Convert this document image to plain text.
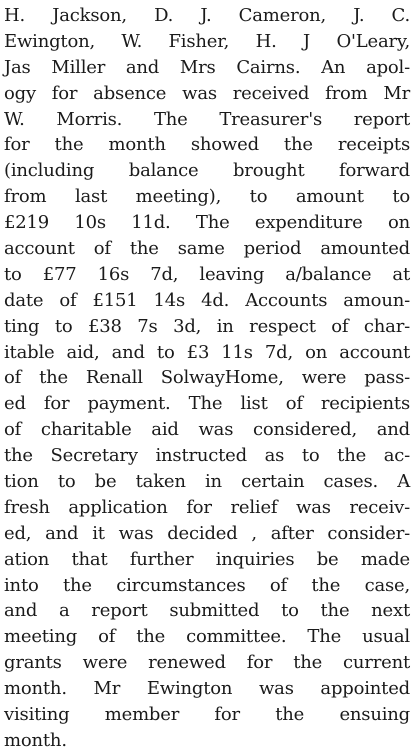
H. Jackson, D. J. Cameron, J. C.
Ewington, W. Fisher, H. J O'Leary,
Jas Miller and Mrs Cairns. An apol-
ogy for absence was received from Mr
W. Morris. The Treasurer's report
for the month showed the receipts
(including balance brought forward
from last meeting), to amount to
£219 10s 11d. The expenditure on
account of the same period amounted
to £77 16s 7d, leaving a/balance at
date of £151 14s 4d. Accounts amoun-
ting to £38 7s 3d, in respect of char-
itable aid, and to £3 11s 7d, on account
of the Renall SolwayHome, were pass-
ed for payment. The list of recipients
of charitable aid was considered, and
the Secretary instructed as to the ac-
tion to be taken in certain cases. A
fresh application for relief was receiv-
ed, and it was decided , after consider-
ation that further inquiries be made
into the circumstances of the case,
and a report submitted to the next
meeting of the committee. The usual
grants were renewed for the current
month. Mr Ewington was appointed
visiting member for the ensuing
month.
